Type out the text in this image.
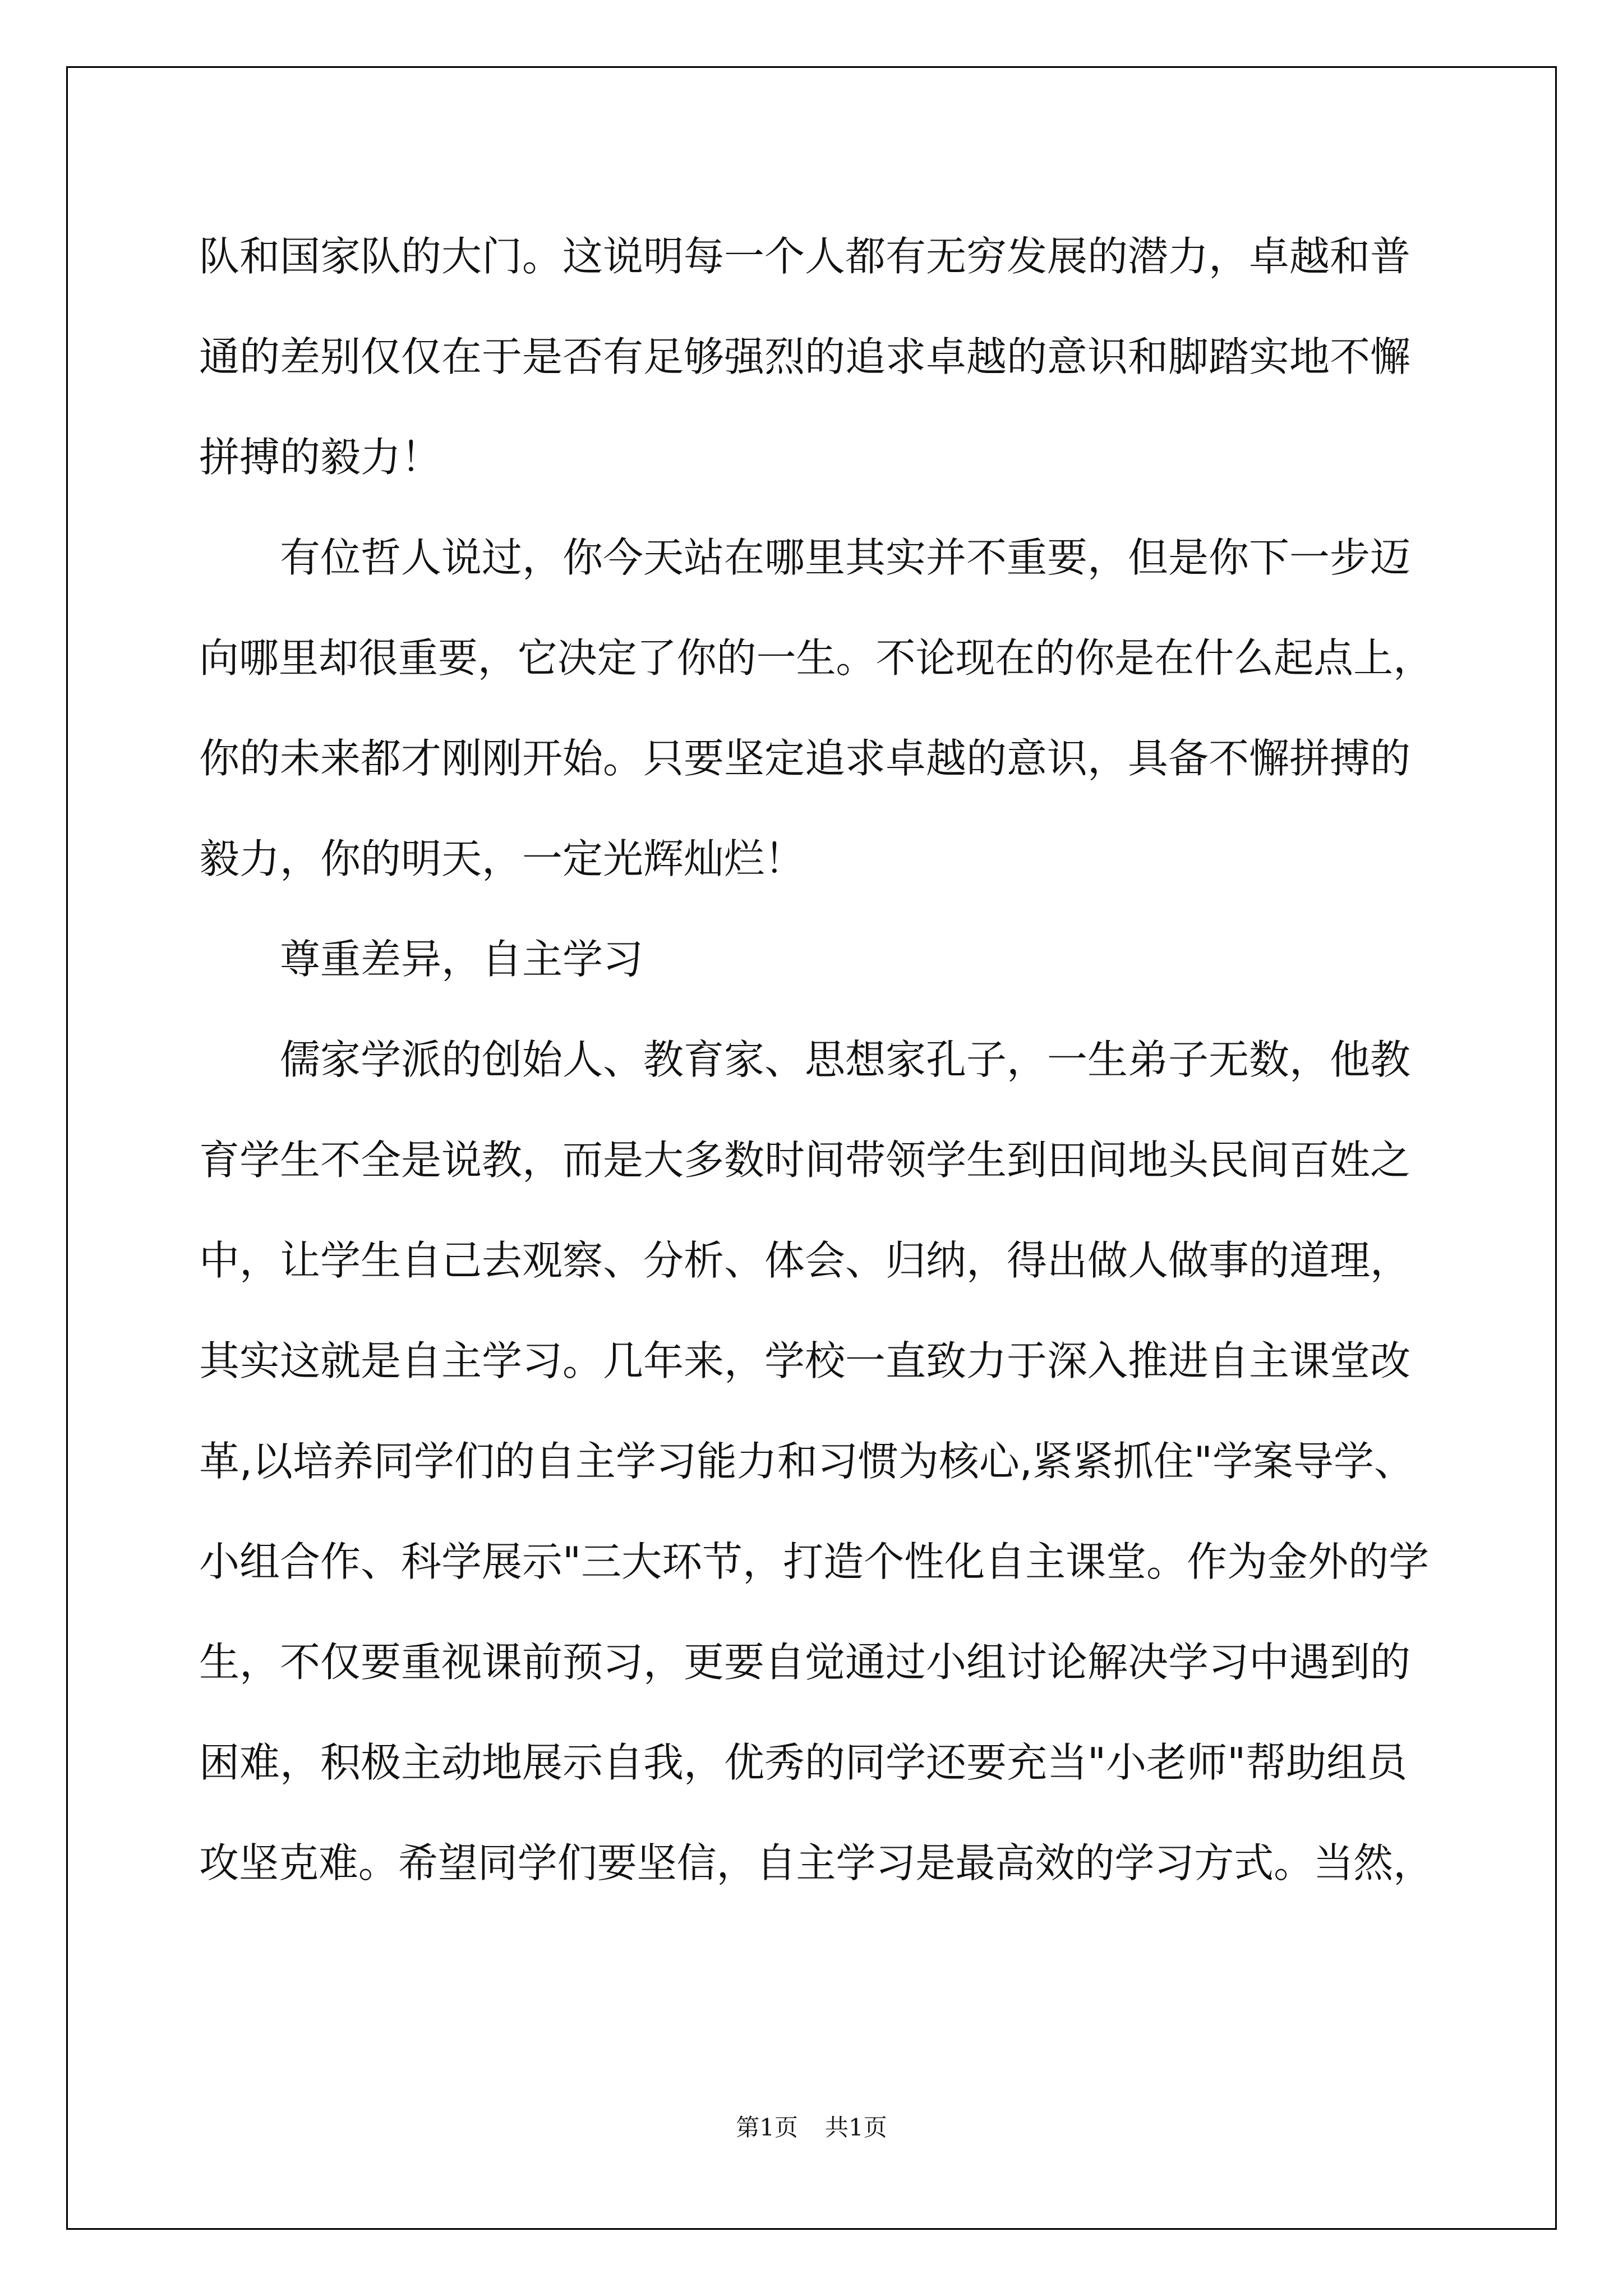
队和国家队的大门。这说明每一个人都有无穷发展的潜力，卓越和普
通的差别仅仅在于是否有足够强烈的追求卓越的意识和脚踏实地不懈
拼搏的毅力！
有位哲人说过，你今天站在哪里其实并不重要，但是你下一步迈
向哪里却很重要，它决定了你的一生。不论现在的你是在什么起点上，
你的未来都才刚刚开始。只要坚定追求卓越的意识，具备不懈拼搏的
毅力，你的明天，一定光辉灿烂！
尊重差异，自主学习
儒家学派的创始人、教育家、思想家孔子，一生弟子无数，他教
育学生不全是说教，而是大多数时间带领学生到田间地头民间百姓之
中，让学生自己去观察、分析、体会、归纳，得出做人做事的道理，
其实这就是自主学习。几年来，学校一直致力于深入推进自主课堂改
革,以培养同学们的自主学习能力和习惯为核心,紧紧抓住"学案导学、
小组合作、科学展示"三大环节，打造个性化自主课堂。作为金外的学
生，不仅要重视课前预习，更要自觉通过小组讨论解决学习中遇到的
困难，积极主动地展示自我，优秀的同学还要充当"小老师"帮助组员
攻坚克难。希望同学们要坚信，自主学习是最高效的学习方式。当然，
第1页 共1页
